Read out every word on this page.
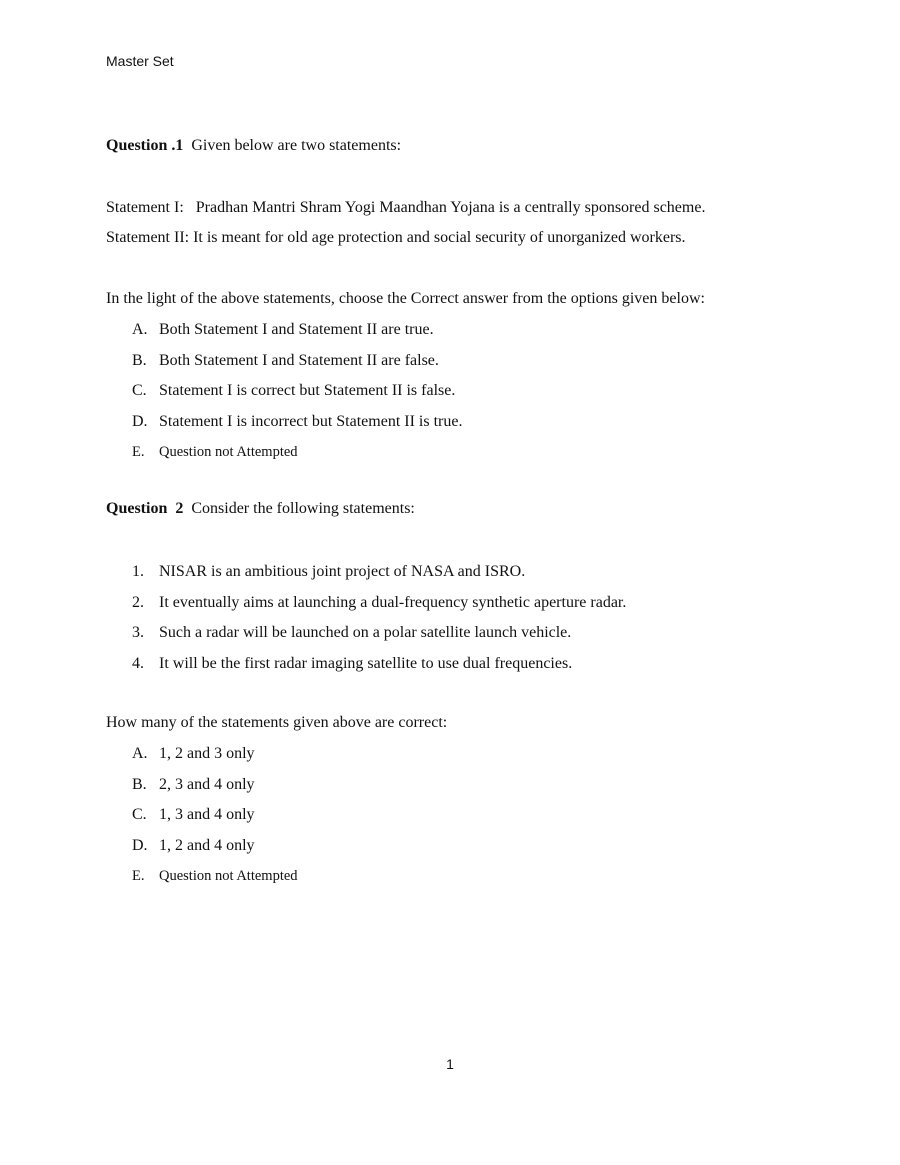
Master Set
Question .1 Given below are two statements:
Statement I:   Pradhan Mantri Shram Yogi Maandhan Yojana is a centrally sponsored scheme.
Statement II: It is meant for old age protection and social security of unorganized workers.
In the light of the above statements, choose the Correct answer from the options given below:
A. Both Statement I and Statement II are true.
B. Both Statement I and Statement II are false.
C. Statement I is correct but Statement II is false.
D. Statement I is incorrect but Statement II is true.
E. Question not Attempted
Question  2 Consider the following statements:
1. NISAR is an ambitious joint project of NASA and ISRO.
2. It eventually aims at launching a dual-frequency synthetic aperture radar.
3. Such a radar will be launched on a polar satellite launch vehicle.
4. It will be the first radar imaging satellite to use dual frequencies.
How many of the statements given above are correct:
A. 1, 2 and 3 only
B. 2, 3 and 4 only
C. 1, 3 and 4 only
D. 1, 2 and 4 only
E. Question not Attempted
1
